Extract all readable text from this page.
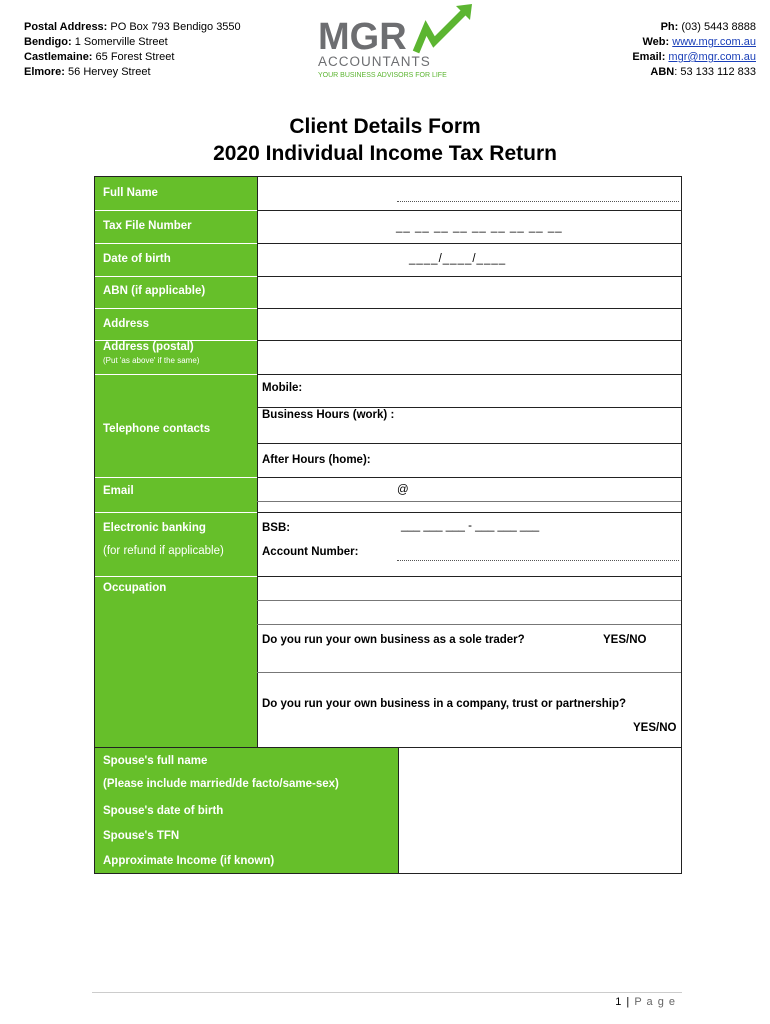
Postal Address: PO Box 793 Bendigo 3550
Bendigo: 1 Somerville Street
Castlemaine: 65 Forest Street
Elmore: 56 Hervey Street
MGR
ACCOUNTANTS
YOUR BUSINESS ADVISORS FOR LIFE
Ph: (03) 5443 8888
Web: www.mgr.com.au
Email: mgr@mgr.com.au
ABN: 53 133 112 833
Client Details Form
2020 Individual Income Tax Return
Full Name
Tax File Number
Date of birth
ABN (if applicable)
Address
Address (postal)
(Put 'as above' if the same)
Telephone contacts
Email
Electronic banking
(for refund if applicable)
Occupation
Spouse's full name
(Please include married/de facto/same-sex)
Spouse's date of birth
Spouse's TFN
Approximate Income (if known)
__ __ __ __ __ __ __ __ __
____/____/____
Mobile:
Business Hours (work) :
After Hours (home):
@
BSB:	___ ___ ___ - ___ ___ ___
Account Number:
Do you run your own business as a sole trader?	YES/NO
Do you run your own business in a company, trust or partnership?
YES/NO
1 | P a g e
